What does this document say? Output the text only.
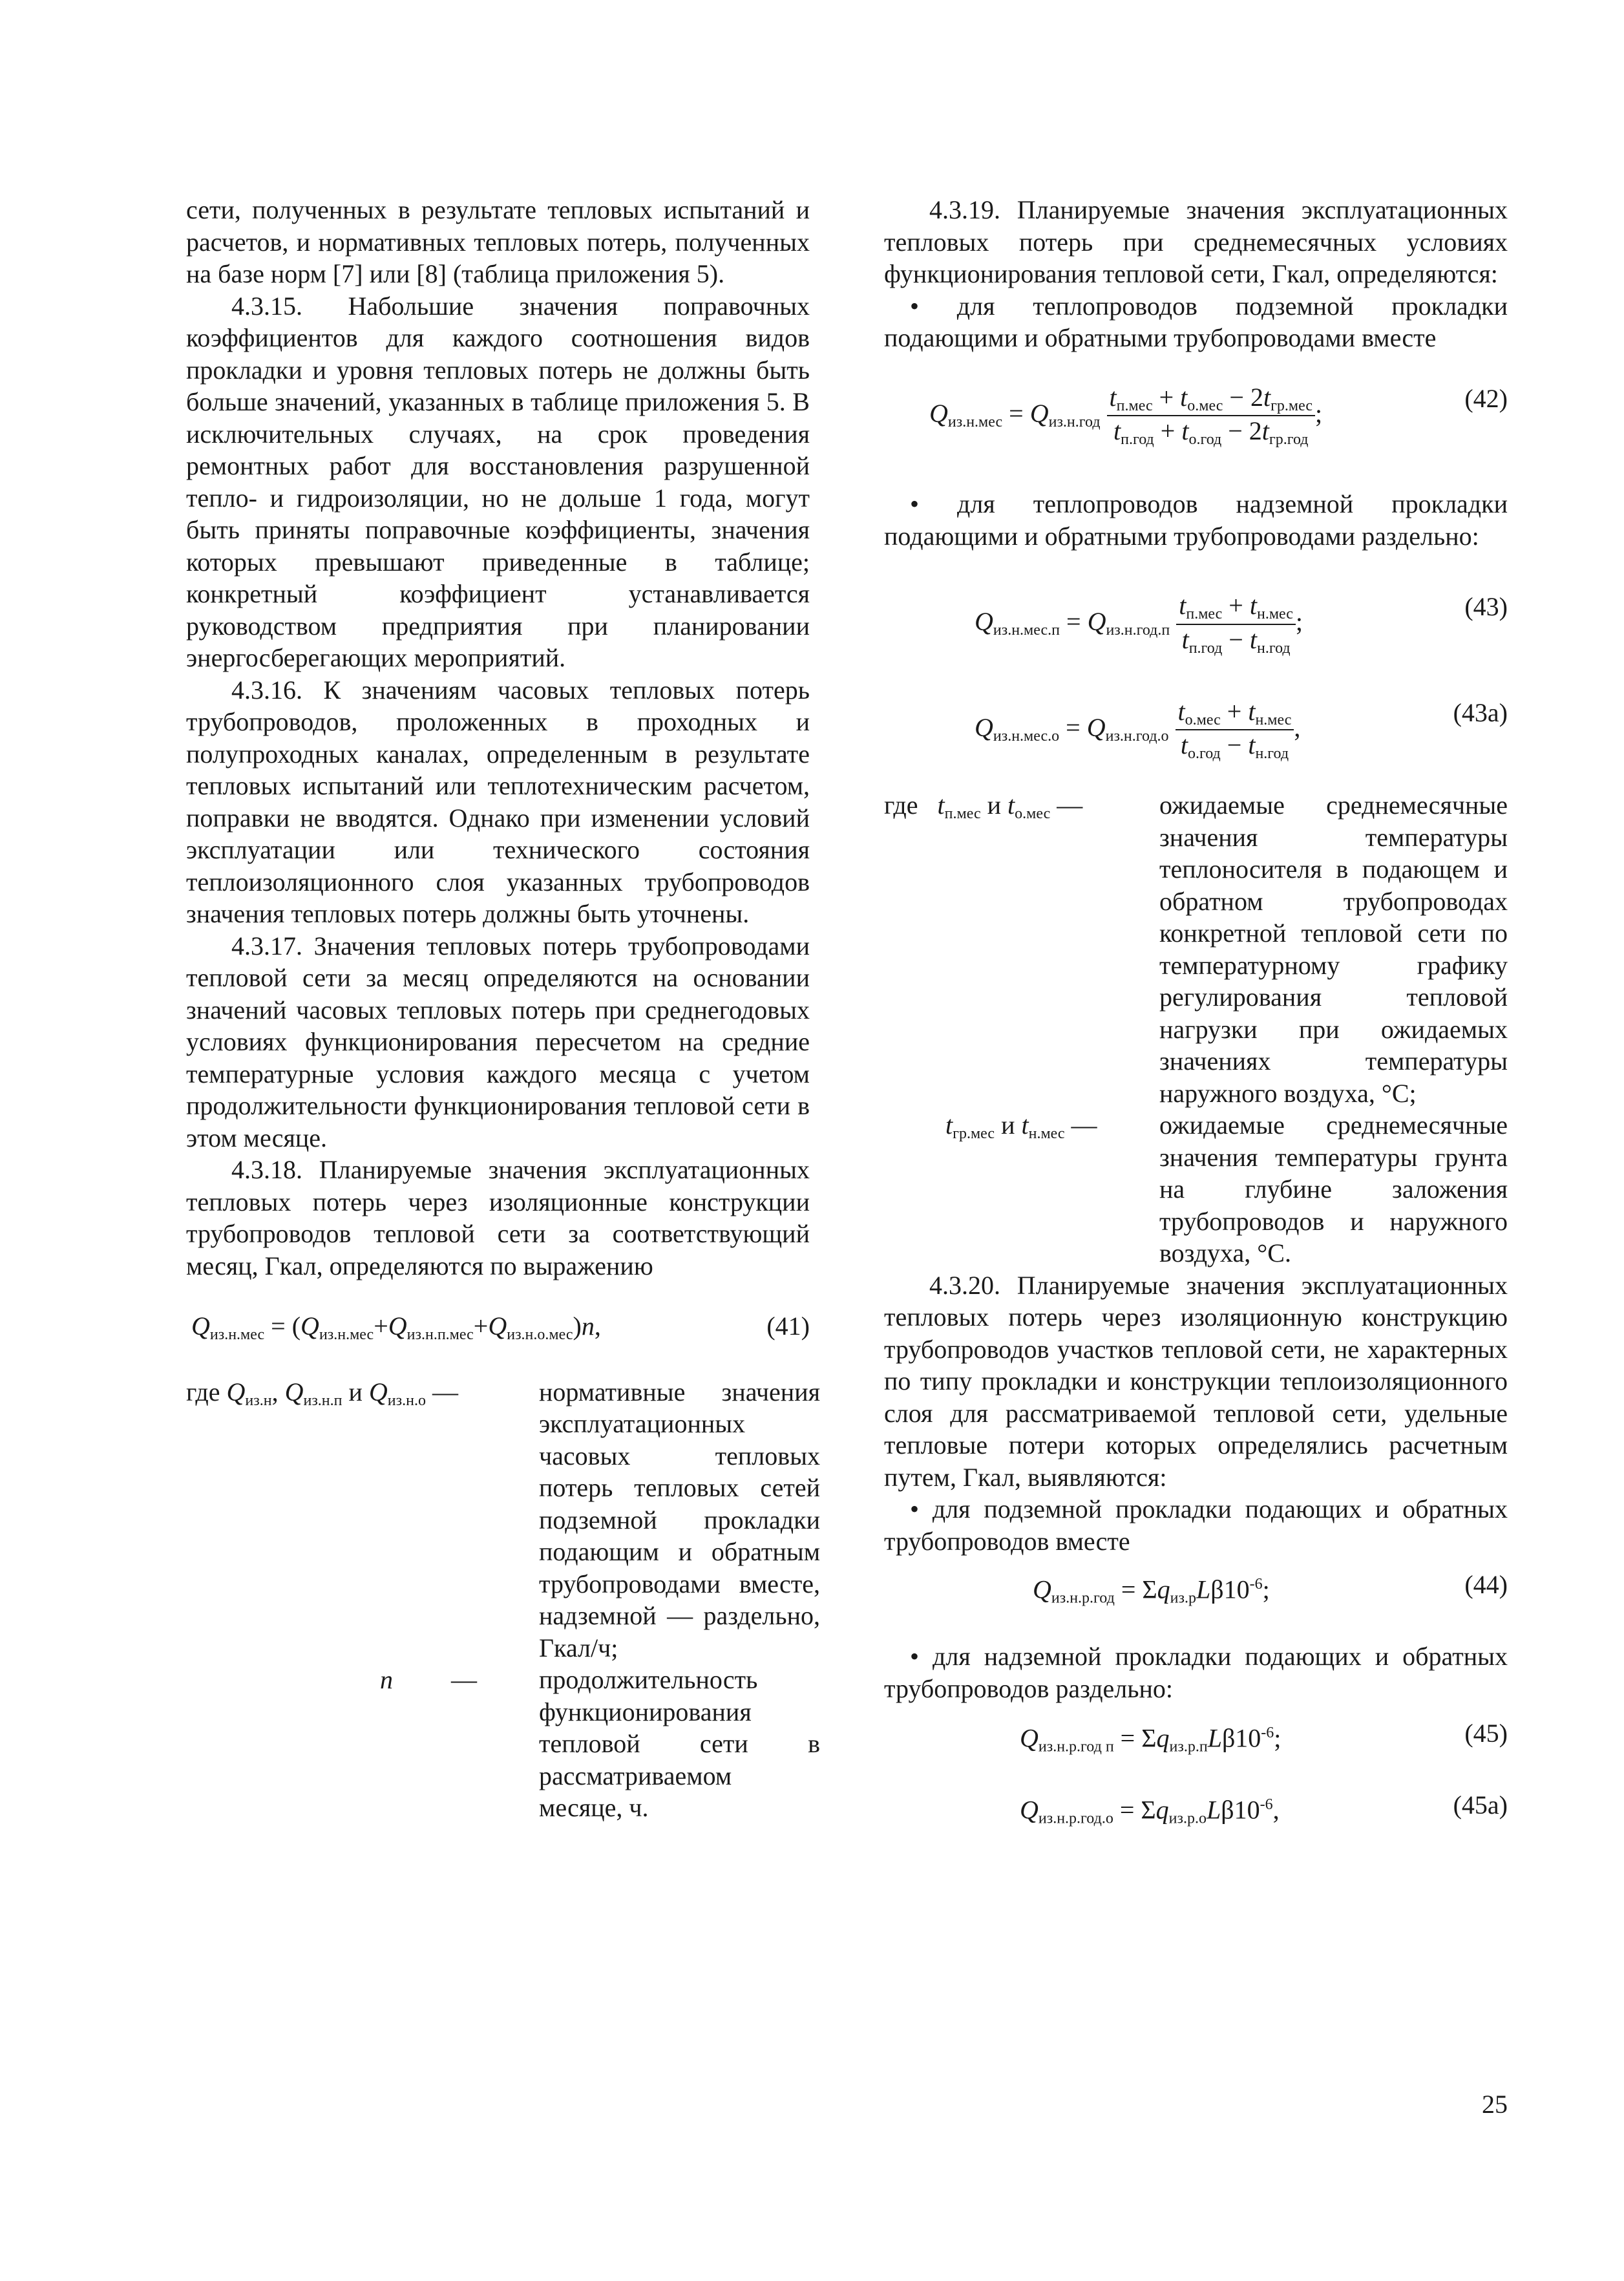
сети, полученных в результате тепловых испытаний и расчетов, и нормативных тепловых потерь, полученных на базе норм [7] или [8] (таблица приложения 5).

4.3.15. Набольшие значения поправочных коэффициентов для каждого соотношения видов прокладки и уровня тепловых потерь не должны быть больше значений, указанных в таблице приложения 5. В исключительных случаях, на срок проведения ремонтных работ для восстановления разрушенной тепло- и гидроизоляции, но не дольше 1 года, могут быть приняты поправочные коэффициенты, значения которых превышают приведенные в таблице; конкретный коэффициент устанавливается руководством предприятия при планировании энергосберегающих мероприятий.

4.3.16. К значениям часовых тепловых потерь трубопроводов, проложенных в проходных и полупроходных каналах, определенным в результате тепловых испытаний или теплотехническим расчетом, поправки не вводятся. Однако при изменении условий эксплуатации или технического состояния теплоизоляционного слоя указанных трубопроводов значения тепловых потерь должны быть уточнены.

4.3.17. Значения тепловых потерь трубопроводами тепловой сети за месяц определяются на основании значений часовых тепловых потерь при среднегодовых условиях функционирования пересчетом на средние температурные условия каждого месяца с учетом продолжительности функционирования тепловой сети в этом месяце.

4.3.18. Планируемые значения эксплуатационных тепловых потерь через изоляционные конструкции трубопроводов тепловой сети за соответствующий месяц, Гкал, определяются по выражению

$Q_{из.н.мес} = (Q_{из.н.мес}+Q_{из.н.п.мес}+Q_{из.н.о.мес})n$,	(41)
где $Q_{из.н}$, $Q_{из.н.п}$ и $Q_{из.н.о}$ —	нормативные значения эксплуатационных часовых тепловых потерь тепловых сетей подземной прокладки подающим и обратным трубопроводами вместе, надземной — раздельно, Гкал/ч;
n         —	продолжительность функционирования тепловой сети в рассматриваемом месяце, ч.

4.3.19. Планируемые значения эксплуатационных тепловых потерь при среднемесячных условиях функционирования тепловой сети, Гкал, определяются:

• для теплопроводов подземной прокладки подающими и обратными трубопроводами вместе

$Q_{из.н.мес} = Q_{из.н.год} \frac{t_{п.мес} + t_{о.мес} - 2t_{гр.мес}}{t_{п.год} + t_{о.год} - 2t_{гр.год}}$ ;
(42)

• для теплопроводов надземной прокладки подающими и обратными трубопроводами раздельно:

$Q_{из.н.мес.п} = Q_{из.н.год.п} \frac{t_{п.мес} + t_{н.мес}}{t_{п.год} - t_{н.год}}$ ;
(43)
$Q_{из.н.мес.о} = Q_{из.н.год.о} \frac{t_{о.мес} + t_{н.мес}}{t_{о.год} - t_{н.год}}$ ,
(43а)
где $t_{п.мес}$ и $t_{о.мес}$ —	ожидаемые среднемесячные значения температуры теплоносителя в подающем и обратном трубопроводах конкретной тепловой сети по температурному графику регулирования тепловой нагрузки при ожидаемых значениях температуры наружного воздуха, °С;
$t_{гр.мес}$ и $t_{н.мес}$ —	ожидаемые среднемесячные значения температуры грунта на глубине заложения трубопроводов и наружного воздуха, °С.

4.3.20. Планируемые значения эксплуатационных тепловых потерь через изоляционную конструкцию трубопроводов участков тепловой сети, не характерных по типу прокладки и конструкции теплоизоляционного слоя для рассматриваемой тепловой сети, удельные тепловые потери которых определялись расчетным путем, Гкал, выявляются:

• для подземной прокладки подающих и обратных трубопроводов вместе

$Q_{из.н.р.год} = \Sigma q_{из.р}L\beta 10^{-6}$;	(44)

• для надземной прокладки подающих и обратных трубопроводов раздельно:

$Q_{из.н.р.год п} = \Sigma q_{из.р.п}L\beta 10^{-6}$;	(45)
$Q_{из.н.р.год.о} = \Sigma q_{из.р.о}L\beta 10^{-6}$,	(45а)
25
